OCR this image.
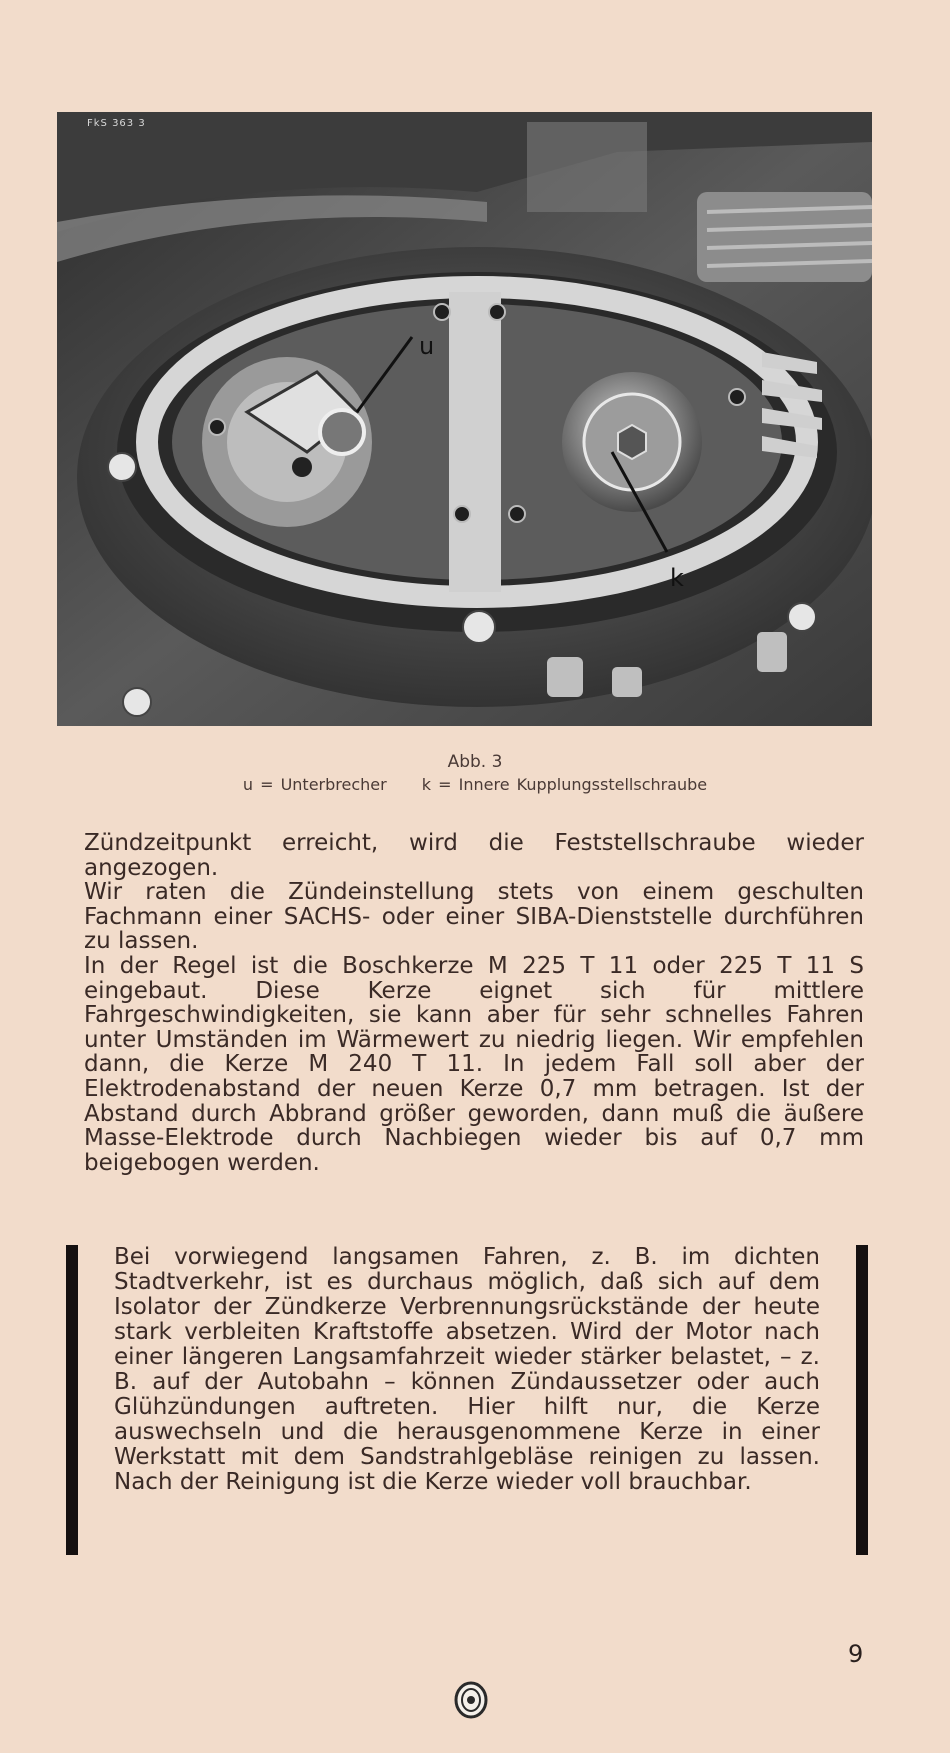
u
k
FkS 363 3
Abb. 3
u = Unterbrecher k = Innere Kupplungsstellschraube

Zündzeitpunkt erreicht, wird die Feststellschraube wieder angezogen.

Wir raten die Zündeinstellung stets von einem geschulten Fachmann einer SACHS- oder einer SIBA-Dienststelle durchführen zu lassen.

In der Regel ist die Boschkerze M 225 T 11 oder 225 T 11 S eingebaut. Diese Kerze eignet sich für mittlere Fahrgeschwindigkeiten, sie kann aber für sehr schnelles Fahren unter Umständen im Wärmewert zu niedrig liegen. Wir empfehlen dann, die Kerze M 240 T 11. In jedem Fall soll aber der Elektrodenabstand der neuen Kerze 0,7 mm betragen. Ist der Abstand durch Abbrand größer geworden, dann muß die äußere Masse-Elektrode durch Nachbiegen wieder bis auf 0,7 mm beigebogen werden.

Bei vorwiegend langsamen Fahren, z. B. im dichten Stadtverkehr, ist es durchaus möglich, daß sich auf dem Isolator der Zündkerze Verbrennungsrückstände der heute stark verbleiten Kraftstoffe absetzen. Wird der Motor nach einer längeren Langsamfahrzeit wieder stärker belastet, – z. B. auf der Autobahn – können Zündaussetzer oder auch Glühzündungen auftreten. Hier hilft nur, die Kerze auswechseln und die herausgenommene Kerze in einer Werkstatt mit dem Sandstrahlgebläse reinigen zu lassen. Nach der Reinigung ist die Kerze wieder voll brauchbar.

9
